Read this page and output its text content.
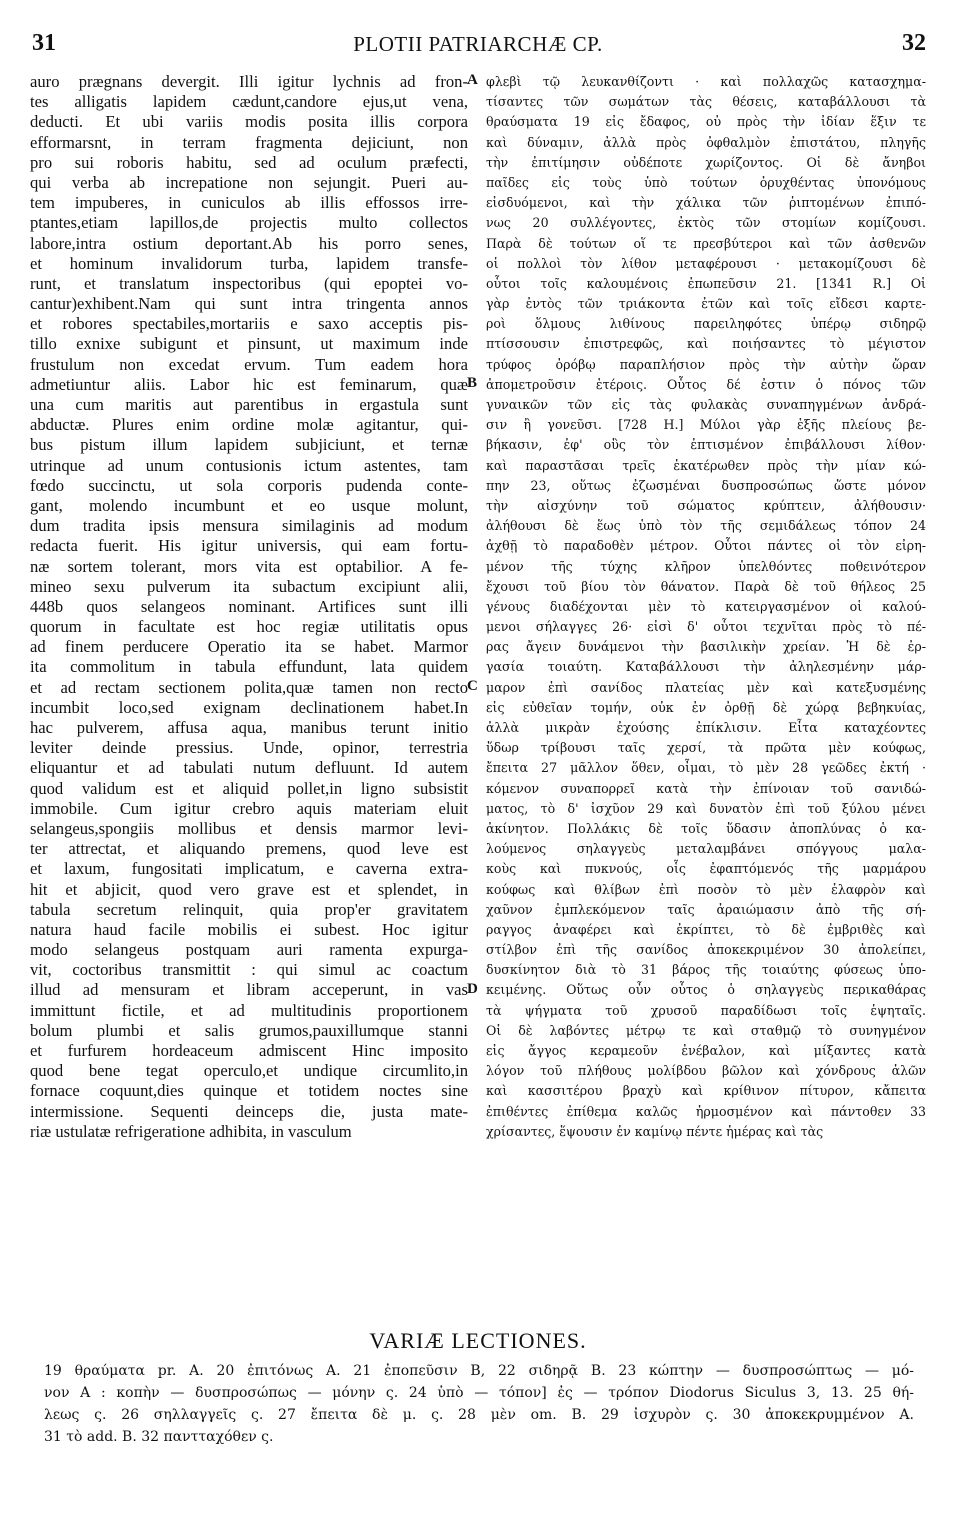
31	PLOTII PATRIARCHÆ CP.	32
auro prægnans devergit. Illi igitur lychnis ad fron-
tes alligatis lapidem cædunt,candore ejus,ut vena,
deducti. Et ubi variis modis posita illis corpora
efformarsnt, in terram fragmenta dejiciunt, non
pro sui roboris habitu, sed ad oculum præfecti,
qui verba ab increpatione non sejungit. Pueri au-
tem impuberes, in cuniculos ab illis effossos irre-
ptantes,etiam lapillos,de projectis multo collectos
labore,intra ostium deportant.Ab his porro senes,
et hominum invalidorum turba, lapidem transfe-
runt, et translatum inspectoribus (qui epoptei vo-
cantur)exhibent.Nam qui sunt intra tringenta annos
et robores spectabiles,mortariis e saxo acceptis pis-
tillo exnixe subigunt et pinsunt, ut maximum inde
frustulum non excedat ervum. Tum eadem hora
admetiuntur aliis. Labor hic est feminarum, quæ
una cum maritis aut parentibus in ergastula sunt
abductæ. Plures enim ordine molæ agitantur, qui-
bus pistum illum lapidem subjiciunt, et ternæ
utrinque ad unum contusionis ictum astentes, tam
fœdo succinctu, ut sola corporis pudenda conte-
gant, molendo incumbunt et eo usque molunt,
dum tradita ipsis mensura similaginis ad modum
redacta fuerit. His igitur universis, qui eam fortu-
næ sortem tolerant, mors vita est optabilior. A fe-
mineo sexu pulverum ita subactum excipiunt alii,
448b quos selangeos nominant. Artifices sunt illi
quorum in facultate est hoc regiæ utilitatis opus
ad finem perducere Operatio ita se habet. Marmor
ita commolitum in tabula effundunt, lata quidem
et ad rectam sectionem polita,quæ tamen non recto
incumbit loco,sed exignam declinationem habet.In
hac pulverem, affusa aqua, manibus terunt initio
leviter deinde pressius. Unde, opinor, terrestria
eliquantur et ad tabulati nutum defluunt. Id autem
quod validum est et aliquid pollet,in ligno subsistit
immobile. Cum igitur crebro aquis materiam eluit
selangeus,spongiis mollibus et densis marmor levi-
ter attrectat, et aliquando premens, quod leve est
et laxum, fungositati implicatum, e caverna extra-
hit et abjicit, quod vero grave est et splendet, in
tabula secretum relinquit, quia prop'er gravitatem
natura haud facile mobilis ei subest. Hoc igitur
modo selangeus postquam auri ramenta expurga-
vit, coctoribus transmittit : qui simul ac coactum
illud ad mensuram et libram acceperunt, in vas
immittunt fictile, et ad multitudinis proportionem
bolum plumbi et salis grumos,pauxillumque stanni
et furfurem hordeaceum admiscent Hinc imposito
quod bene tegat operculo,et undique circumlito,in
fornace coquunt,dies quinque et totidem noctes sine
intermissione. Sequenti deinceps die, justa mate-
riæ ustulatæ refrigeratione adhibita, in vasculum
φλεβὶ τῷ λευκανθίζοντι · καὶ πολλαχῶς κατασχημα-
τίσαντες τῶν σωμάτων τὰς θέσεις, καταβάλλουσι τὰ
θραύσματα 19 εἰς ἔδαφος, οὐ πρὸς τὴν ἰδίαν ἕξιν τε
καὶ δύναμιν, ἀλλὰ πρὸς ὀφθαλμὸν ἐπιστάτου, πληγῆς
τὴν ἐπιτίμησιν οὐδέποτε χωρίζοντος. Οἱ δὲ ἄνηβοι
παῖδες εἰς τοὺς ὑπὸ τούτων ὀρυχθέντας ὑπονόμους
εἰσδυόμενοι, καὶ τὴν χάλικα τῶν ῥιπτομένων ἐπιπό-
νως 20 συλλέγοντες, ἐκτὸς τῶν στομίων κομίζουσι.
Παρὰ δὲ τούτων οἵ τε πρεσβύτεροι καὶ τῶν ἀσθενῶν
οἱ πολλοὶ τὸν λίθον μεταφέρουσι · μετακομίζουσι δὲ
οὗτοι τοῖς καλουμένοις ἐπωπεῦσιν 21. [1341 R.] Οἱ
γὰρ ἐντὸς τῶν τριάκοντα ἐτῶν καὶ τοῖς εἴδεσι καρτε-
ροὶ ὅλμους λιθίνους παρειληφότες ὑπέρῳ σιδηρῷ
πτίσσουσιν ἐπιστρεφῶς, καὶ ποιήσαντες τὸ μέγιστον
τρύφος ὀρόβῳ παραπλήσιον πρὸς τὴν αὐτὴν ὥραν
ἀπομετροῦσιν ἑτέροις. Οὗτος δέ ἐστιν ὁ πόνος τῶν
γυναικῶν τῶν εἰς τὰς φυλακὰς συναπηγμένων ἀνδρά-
σιν ἢ γονεῦσι. [728 H.] Μύλοι γὰρ ἑξῆς πλείους βε-
βήκασιν, ἐφ' οὓς τὸν ἐπτισμένον ἐπιβάλλουσι λίθον·
καὶ παραστᾶσαι τρεῖς ἑκατέρωθεν πρὸς τὴν μίαν κώ-
πην 23, οὕτως ἐζωσμέναι δυσπροσώπως ὥστε μόνον
τὴν αἰσχύνην τοῦ σώματος κρύπτειν, ἀλήθουσιν·
ἀλήθουσι δὲ ἕως ὑπὸ τὸν τῆς σεμιδάλεως τόπον 24
ἀχθῇ τὸ παραδοθὲν μέτρον. Οὗτοι πάντες οἱ τὸν εἰρη-
μένον τῆς τύχης κλῆρον ὑπελθόντες ποθεινότερον
ἔχουσι τοῦ βίου τὸν θάνατον. Παρὰ δὲ τοῦ θήλεος 25
γένους διαδέχονται μὲν τὸ κατειργασμένον οἱ καλού-
μενοι σήλαγγες 26· εἰσὶ δ' οὗτοι τεχνῖται πρὸς τὸ πέ-
ρας ἄγειν δυνάμενοι τὴν βασιλικὴν χρείαν. Ἡ δὲ ἐρ-
γασία τοιαύτη. Καταβάλλουσι τὴν ἀληλεσμένην μάρ-
μαρον ἐπὶ σανίδος πλατείας μὲν καὶ κατεξυσμένης
εἰς εὐθεῖαν τομήν, οὐκ ἐν ὀρθῇ δὲ χώρᾳ βεβηκυίας,
ἀλλὰ μικρὰν ἐχούσης ἐπίκλισιν. Εἶτα καταχέοντες
ὕδωρ τρίβουσι ταῖς χερσί, τὰ πρῶτα μὲν κούφως,
ἔπειτα 27 μᾶλλον ὅθεν, οἶμαι, τὸ μὲν 28 γεῶδες ἐκτή ·
κόμενον συναπορρεῖ κατὰ τὴν ἐπίνοιαν τοῦ σανιδώ-
ματος, τὸ δ' ἰσχῦον 29 καὶ δυνατὸν ἐπὶ τοῦ ξύλου μένει
ἀκίνητον. Πολλάκις δὲ τοῖς ὕδασιν ἀποπλύνας ὁ κα-
λούμενος σηλαγγεὺς μεταλαμβάνει σπόγγους μαλα-
κοὺς καὶ πυκνούς, οἷς ἐφαπτόμενός τῆς μαρμάρου
κούφως καὶ θλίβων ἐπὶ ποσὸν τὸ μὲν ἐλαφρὸν καὶ
χαῦνον ἐμπλεκόμενον ταῖς ἀραιώμασιν ἀπὸ τῆς σή-
ραγγος ἀναφέρει καὶ ἐκρίπτει, τὸ δὲ ἐμβριθὲς καὶ
στίλβον ἐπὶ τῆς σανίδος ἀποκεκριμένον 30 ἀπολείπει,
δυσκίνητον διὰ τὸ 31 βάρος τῆς τοιαύτης φύσεως ὑπο-
κειμένης. Οὕτως οὖν οὗτος ὁ σηλαγγεὺς περικαθάρας
τὰ ψήγματα τοῦ χρυσοῦ παραδίδωσι τοῖς ἑψηταῖς.
Οἱ δὲ λαβόντες μέτρῳ τε καὶ σταθμῷ τὸ συνηγμένον
εἰς ἄγγος κεραμεοῦν ἐνέβαλον, καὶ μίξαντες κατὰ
λόγον τοῦ πλήθους μολίβδου βῶλον καὶ χόνδρους ἁλῶν
καὶ κασσιτέρου βραχὺ καὶ κρίθινον πίτυρον, κἄπειτα
ἐπιθέντες ἐπίθεμα καλῶς ἡρμοσμένον καὶ πάντοθεν 33
χρίσαντες, ἕψουσιν ἐν καμίνῳ πέντε ἡμέρας καὶ τὰς
A
B
C
D
VARIÆ LECTIONES.
19 θραύματα pr. A. 20 ἐπιτόνως A. 21 ἐποπεῦσιν B, 22 σιδηρᾷ B. 23 κώπτην — δυσπροσώπτως — μό-
νον A : κοπὴν — δυσπροσώπως — μόνην ς. 24 ὑπὸ — τόπον] ἐς — τρόπον Diodorus Siculus 3, 13. 25 θή-
λεως ς. 26 σηλλαγγεῖς ς. 27 ἔπειτα δὲ μ. ς. 28 μὲν om. B. 29 ἰσχυρὸν ς. 30 ἀποκεκρυμμένον A.
31 τὸ add. B. 32 παντταχόθεν ς.
